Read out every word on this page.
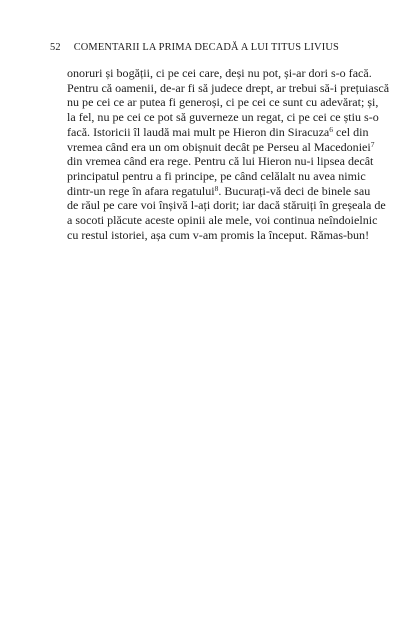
52 COMENTARII LA PRIMA DECADĂ A LUI TITUS LIVIUS
onoruri și bogății, ci pe cei care, deși nu pot, și-ar dori s-o facă.
Pentru că oamenii, de-ar fi să judece drept, ar trebui să-i prețuiască
nu pe cei ce ar putea fi generoși, ci pe cei ce sunt cu adevărat; și,
la fel, nu pe cei ce pot să guverneze un regat, ci pe cei ce știu s-o
facă. Istoricii îl laudă mai mult pe Hieron din Siracuza$^6$ cel din
vremea când era un om obișnuit decât pe Perseu al Macedoniei$^7$
din vremea când era rege. Pentru că lui Hieron nu-i lipsea decât
principatul pentru a fi principe, pe când celălalt nu avea nimic
dintr-un rege în afara regatului$^8$. Bucurați-vă deci de binele sau
de răul pe care voi înșivă l-ați dorit; iar dacă stăruiți în greșeala de
a socoti plăcute aceste opinii ale mele, voi continua neîndoielnic
cu restul istoriei, așa cum v-am promis la început. Rămas-bun!
